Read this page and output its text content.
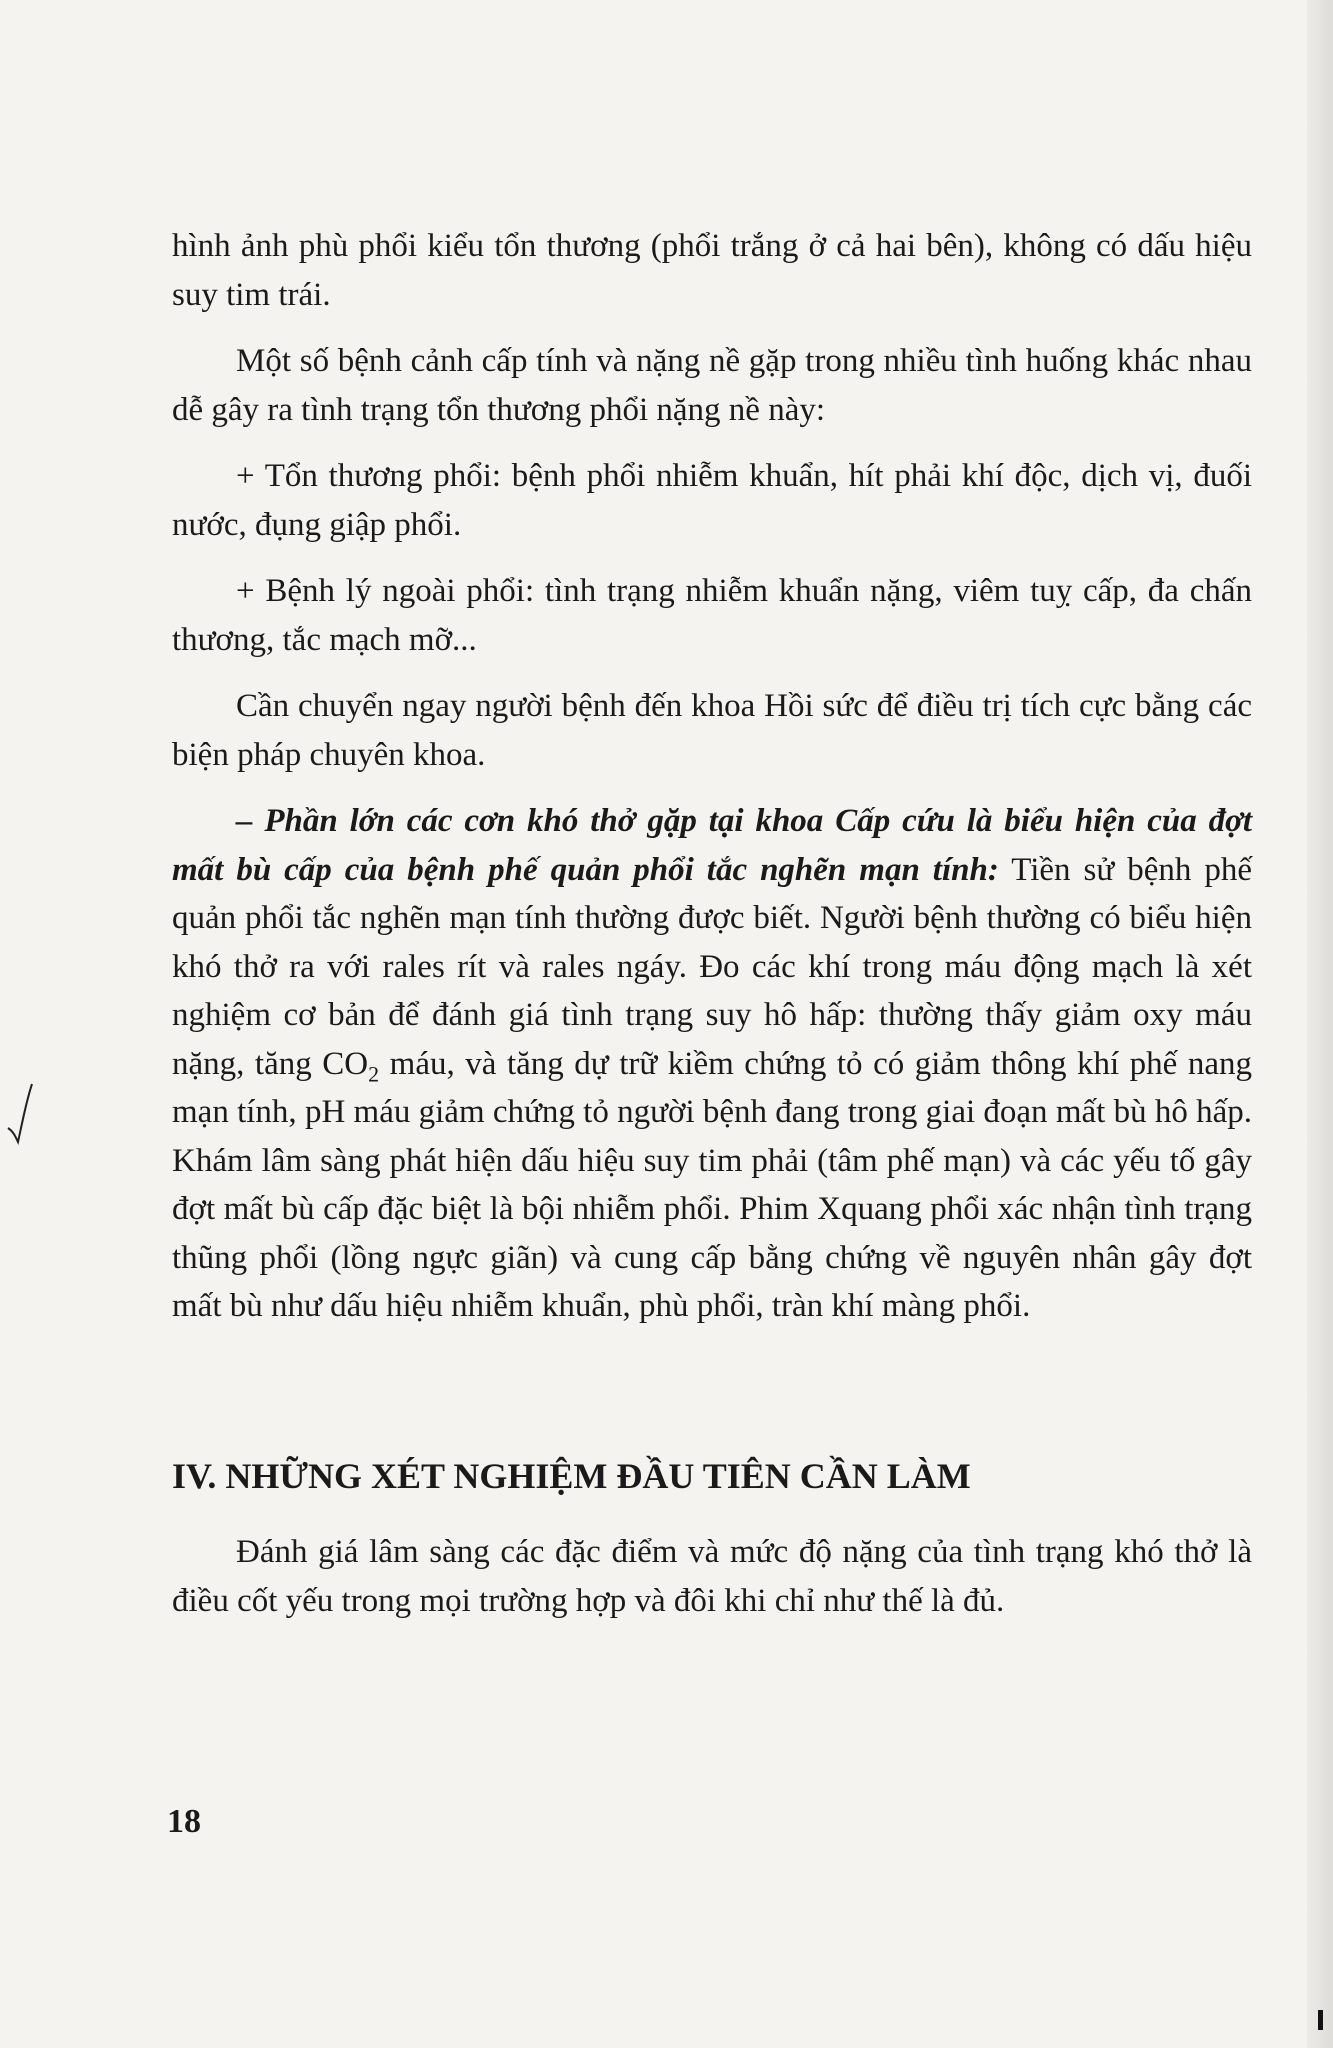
hình ảnh phù phổi kiểu tổn thương (phổi trắng ở cả hai bên), không có dấu hiệu suy tim trái.

Một số bệnh cảnh cấp tính và nặng nề gặp trong nhiều tình huống khác nhau dễ gây ra tình trạng tổn thương phổi nặng nề này:

+ Tổn thương phổi: bệnh phổi nhiễm khuẩn, hít phải khí độc, dịch vị, đuối nước, đụng giập phổi.

+ Bệnh lý ngoài phổi: tình trạng nhiễm khuẩn nặng, viêm tuỵ cấp, đa chấn thương, tắc mạch mỡ...

Cần chuyển ngay người bệnh đến khoa Hồi sức để điều trị tích cực bằng các biện pháp chuyên khoa.

– Phần lớn các cơn khó thở gặp tại khoa Cấp cứu là biểu hiện của đợt mất bù cấp của bệnh phế quản phổi tắc nghẽn mạn tính: Tiền sử bệnh phế quản phổi tắc nghẽn mạn tính thường được biết. Người bệnh thường có biểu hiện khó thở ra với rales rít và rales ngáy. Đo các khí trong máu động mạch là xét nghiệm cơ bản để đánh giá tình trạng suy hô hấp: thường thấy giảm oxy máu nặng, tăng $CO_2$ máu, và tăng dự trữ kiềm chứng tỏ có giảm thông khí phế nang mạn tính, pH máu giảm chứng tỏ người bệnh đang trong giai đoạn mất bù hô hấp. Khám lâm sàng phát hiện dấu hiệu suy tim phải (tâm phế mạn) và các yếu tố gây đợt mất bù cấp đặc biệt là bội nhiễm phổi. Phim Xquang phổi xác nhận tình trạng thũng phổi (lồng ngực giãn) và cung cấp bằng chứng về nguyên nhân gây đợt mất bù như dấu hiệu nhiễm khuẩn, phù phổi, tràn khí màng phổi.

IV. NHỮNG XÉT NGHIỆM ĐẦU TIÊN CẦN LÀM

Đánh giá lâm sàng các đặc điểm và mức độ nặng của tình trạng khó thở là điều cốt yếu trong mọi trường hợp và đôi khi chỉ như thế là đủ.

18
